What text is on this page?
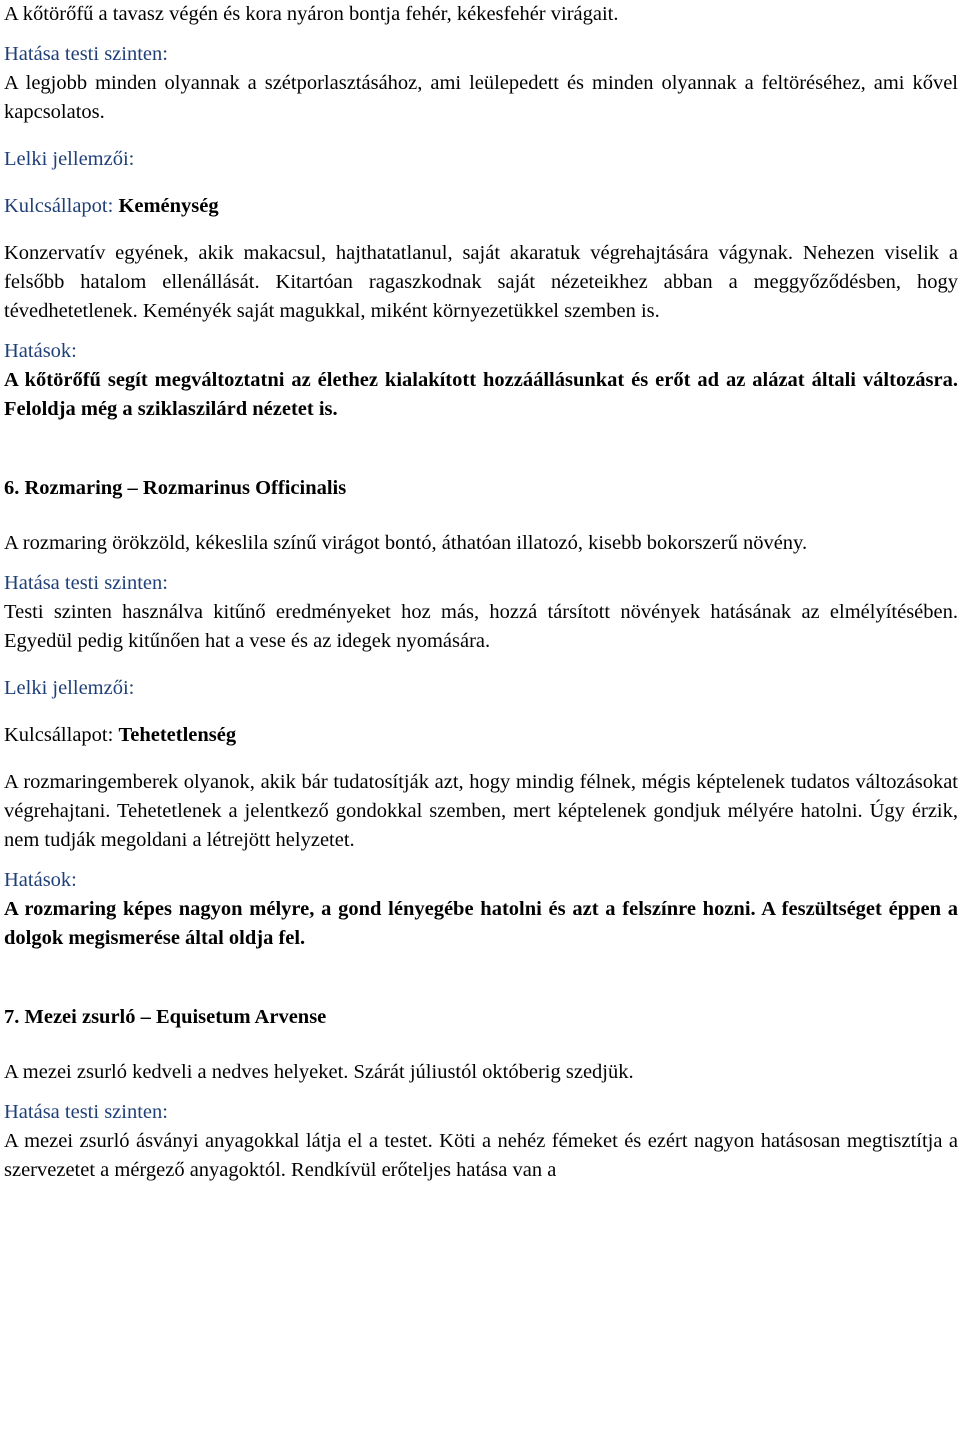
A kőtörőfű a tavasz végén és kora nyáron bontja fehér, kékesfehér virágait.

Hatása testi szinten:

A legjobb minden olyannak a szétporlasztásához, ami leülepedett és minden olyannak a feltöréséhez, ami kővel kapcsolatos.

Lelki jellemzői:

Kulcsállapot: Keménység

Konzervatív egyének, akik makacsul, hajthatatlanul, saját akaratuk végrehajtására vágynak. Nehezen viselik a felsőbb hatalom ellenállását. Kitartóan ragaszkodnak saját nézeteikhez abban a meggyőződésben, hogy tévedhetetlenek. Keményék saját magukkal, miként környezetükkel szemben is.

Hatások:

A kőtörőfű segít megváltoztatni az élethez kialakított hozzáállásunkat és erőt ad az alázat általi változásra. Feloldja még a sziklaszilárd nézetet is.

6. Rozmaring – Rozmarinus Officinalis

A rozmaring örökzöld, kékeslila színű virágot bontó, áthatóan illatozó, kisebb bokorszerű növény.

Hatása testi szinten:

Testi szinten használva kitűnő eredményeket hoz más, hozzá társított növények hatásának az elmélyítésében. Egyedül pedig kitűnően hat a vese és az idegek nyomására.

Lelki jellemzői:

Kulcsállapot: Tehetetlenség

A rozmaringemberek olyanok, akik bár tudatosítják azt, hogy mindig félnek, mégis képtelenek tudatos változásokat végrehajtani. Tehetetlenek a jelentkező gondokkal szemben, mert képtelenek gondjuk mélyére hatolni. Úgy érzik, nem tudják megoldani a létrejött helyzetet.

Hatások:

A rozmaring képes nagyon mélyre, a gond lényegébe hatolni és azt a felszínre hozni. A feszültséget éppen a dolgok megismerése által oldja fel.

7. Mezei zsurló – Equisetum Arvense

A mezei zsurló kedveli a nedves helyeket. Szárát júliustól októberig szedjük.

Hatása testi szinten:

A mezei zsurló ásványi anyagokkal látja el a testet. Köti a nehéz fémeket és ezért nagyon hatásosan megtisztítja a szervezetet a mérgező anyagoktól. Rendkívül erőteljes hatása van a
